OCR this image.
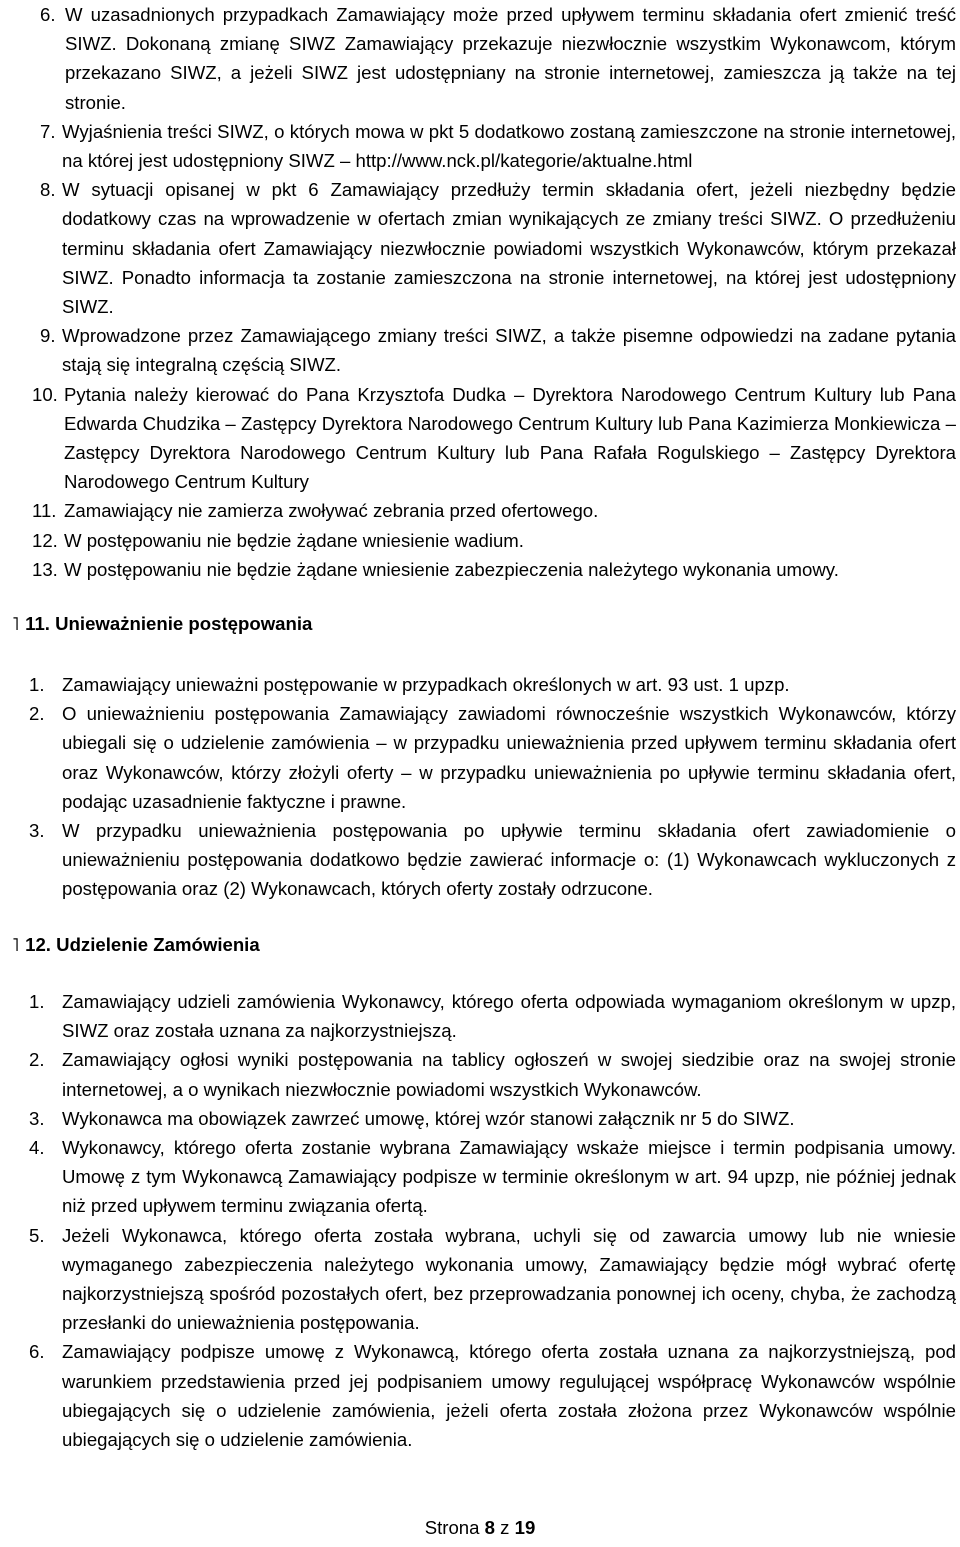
6. W uzasadnionych przypadkach Zamawiający może przed upływem terminu składania ofert zmienić treść SIWZ. Dokonaną zmianę SIWZ Zamawiający przekazuje niezwłocznie wszystkim Wykonawcom, którym przekazano SIWZ, a jeżeli SIWZ jest udostępniany na stronie internetowej, zamieszcza ją także na tej stronie.
7. Wyjaśnienia treści SIWZ, o których mowa w pkt 5 dodatkowo zostaną zamieszczone na stronie internetowej, na której jest udostępniony SIWZ – http://www.nck.pl/kategorie/aktualne.html
8. W sytuacji opisanej w pkt 6 Zamawiający przedłuży termin składania ofert, jeżeli niezbędny będzie dodatkowy czas na wprowadzenie w ofertach zmian wynikających ze zmiany treści SIWZ. O przedłużeniu terminu składania ofert Zamawiający niezwłocznie powiadomi wszystkich Wykonawców, którym przekazał SIWZ. Ponadto informacja ta zostanie zamieszczona na stronie internetowej, na której jest udostępniony SIWZ.
9. Wprowadzone przez Zamawiającego zmiany treści SIWZ, a także pisemne odpowiedzi na zadane pytania stają się integralną częścią SIWZ.
10. Pytania należy kierować do Pana Krzysztofa Dudka – Dyrektora Narodowego Centrum Kultury lub Pana Edwarda Chudzika – Zastępcy Dyrektora Narodowego Centrum Kultury lub Pana Kazimierza Monkiewicza – Zastępcy Dyrektora Narodowego Centrum Kultury lub Pana Rafała Rogulskiego – Zastępcy Dyrektora Narodowego Centrum Kultury
11. Zamawiający nie zamierza zwoływać zebrania przed ofertowego.
12. W postępowaniu nie będzie żądane wniesienie wadium.
13. W postępowaniu nie będzie żądane wniesienie zabezpieczenia należytego wykonania umowy.
˥ 11. Unieważnienie postępowania
1. Zamawiający unieważni postępowanie w przypadkach określonych w art. 93 ust. 1 upzp.
2. O unieważnieniu postępowania Zamawiający zawiadomi równocześnie wszystkich Wykonawców, którzy ubiegali się o udzielenie zamówienia – w przypadku unieważnienia przed upływem terminu składania ofert oraz Wykonawców, którzy złożyli oferty – w przypadku unieważnienia po upływie terminu składania ofert, podając uzasadnienie faktyczne i prawne.
3. W przypadku unieważnienia postępowania po upływie terminu składania ofert zawiadomienie o unieważnieniu postępowania dodatkowo będzie zawierać informacje o: (1) Wykonawcach wykluczonych z postępowania oraz (2) Wykonawcach, których oferty zostały odrzucone.
˥ 12. Udzielenie Zamówienia
1. Zamawiający udzieli zamówienia Wykonawcy, którego oferta odpowiada wymaganiom określonym w upzp, SIWZ oraz została uznana za najkorzystniejszą.
2. Zamawiający ogłosi wyniki postępowania na tablicy ogłoszeń w swojej siedzibie oraz na swojej stronie internetowej, a o wynikach niezwłocznie powiadomi wszystkich Wykonawców.
3. Wykonawca ma obowiązek zawrzeć umowę, której wzór stanowi załącznik nr 5 do SIWZ.
4. Wykonawcy, którego oferta zostanie wybrana Zamawiający wskaże miejsce i termin podpisania umowy. Umowę z tym Wykonawcą Zamawiający podpisze w terminie określonym w art. 94 upzp, nie później jednak niż przed upływem terminu związania ofertą.
5. Jeżeli Wykonawca, którego oferta została wybrana, uchyli się od zawarcia umowy lub nie wniesie wymaganego zabezpieczenia należytego wykonania umowy, Zamawiający będzie mógł wybrać ofertę najkorzystniejszą spośród pozostałych ofert, bez przeprowadzania ponownej ich oceny, chyba, że zachodzą przesłanki do unieważnienia postępowania.
6. Zamawiający podpisze umowę z Wykonawcą, którego oferta została uznana za najkorzystniejszą, pod warunkiem przedstawienia przed jej podpisaniem umowy regulującej współpracę Wykonawców wspólnie ubiegających się o udzielenie zamówienia, jeżeli oferta została złożona przez Wykonawców wspólnie ubiegających się o udzielenie zamówienia.
Strona 8 z 19
